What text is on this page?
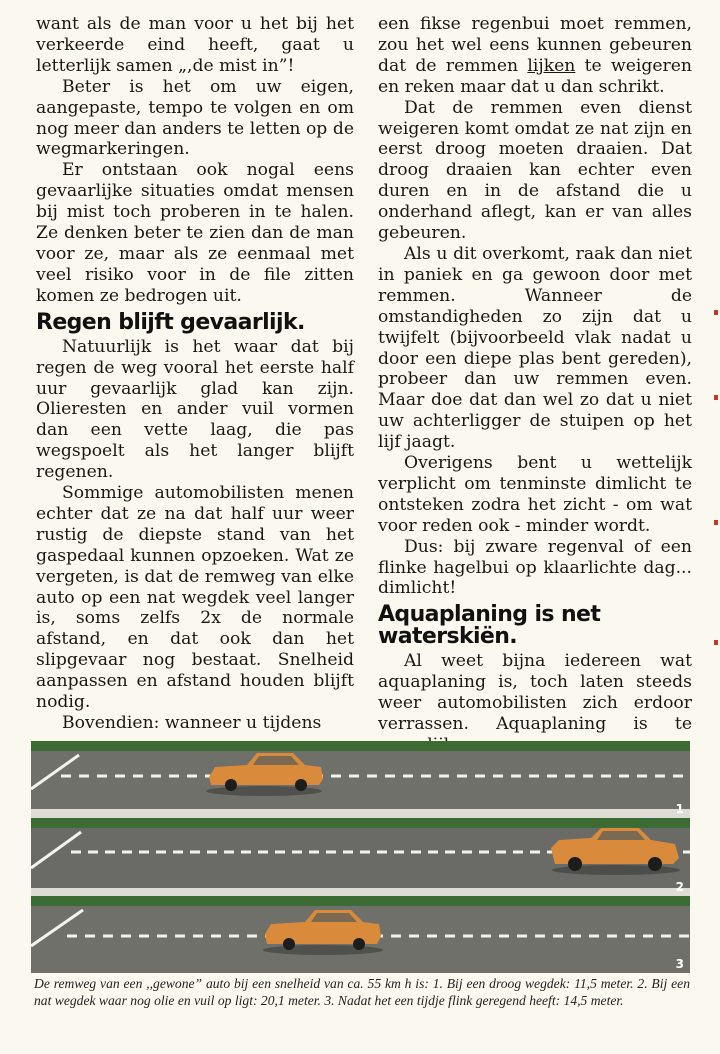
want als de man voor u het bij het verkeerde eind heeft, gaat u letterlijk samen „,de mist in”!

Beter is het om uw eigen, aangepaste, tempo te volgen en om nog meer dan anders te letten op de wegmarkeringen.

Er ontstaan ook nogal eens gevaarlijke situaties omdat mensen bij mist toch proberen in te halen. Ze denken beter te zien dan de man voor ze, maar als ze eenmaal met veel risiko voor in de file zitten komen ze bedrogen uit.

Regen blijft gevaarlijk.

Natuurlijk is het waar dat bij regen de weg vooral het eerste half uur gevaarlijk glad kan zijn. Olieresten en ander vuil vormen dan een vette laag, die pas wegspoelt als het langer blijft regenen.

Sommige automobilisten menen echter dat ze na dat half uur weer rustig de diepste stand van het gaspedaal kunnen opzoeken. Wat ze vergeten, is dat de remweg van elke auto op een nat wegdek veel langer is, soms zelfs 2x de normale afstand, en dat ook dan het slipgevaar nog bestaat. Snelheid aanpassen en afstand houden blijft nodig.

Bovendien: wanneer u tijdens

een fikse regenbui moet remmen, zou het wel eens kunnen gebeuren dat de remmen lijken te weigeren en reken maar dat u dan schrikt.

Dat de remmen even dienst weigeren komt omdat ze nat zijn en eerst droog moeten draaien. Dat droog draaien kan echter even duren en in de afstand die u onderhand aflegt, kan er van alles gebeuren.

Als u dit overkomt, raak dan niet in paniek en ga gewoon door met remmen. Wanneer de omstandigheden zo zijn dat u twijfelt (bijvoorbeeld vlak nadat u door een diepe plas bent gereden), probeer dan uw remmen even. Maar doe dat dan wel zo dat u niet uw achterligger de stuipen op het lijf jaagt.

Overigens bent u wettelijk verplicht om tenminste dimlicht te ontsteken zodra het zicht - om wat voor reden ook - minder wordt.

Dus: bij zware regenval of een flinke hagelbui op klaarlichte dag... dimlicht!

Aquaplaning is net waterskiën.

Al weet bijna iedereen wat aquaplaning is, toch laten steeds weer automobilisten zich erdoor verrassen. Aquaplaning is te

1
2
3
De remweg van een ,,gewone” auto bij een snelheid van ca. 55 km h is: 1. Bij een droog wegdek: 11,5 meter. 2. Bij een nat wegdek waar nog olie en vuil op ligt: 20,1 meter. 3. Nadat het een tijdje flink geregend heeft: 14,5 meter.
